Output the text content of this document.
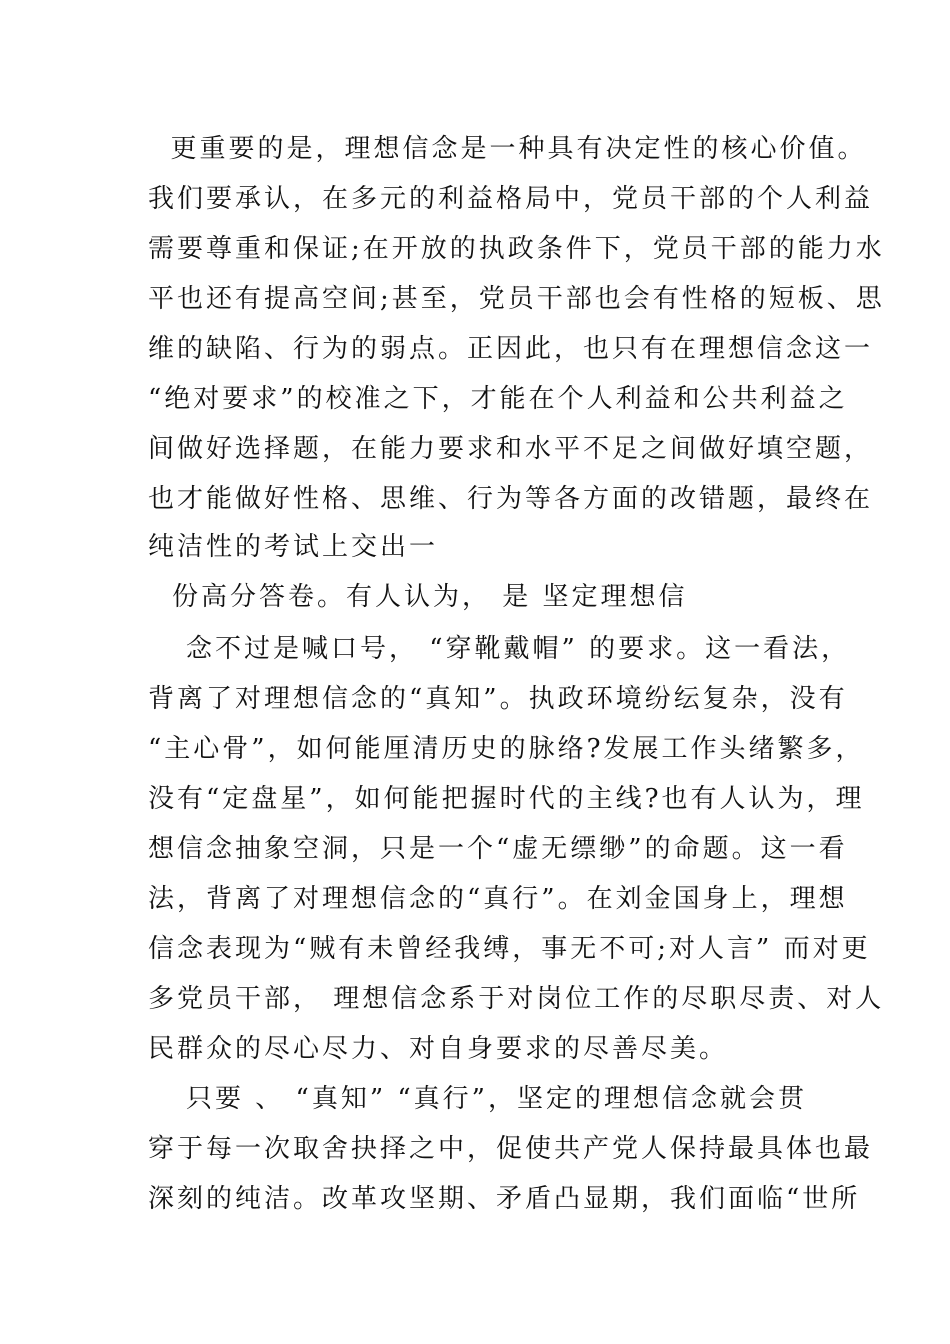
更重要的是，理想信念是一种具有决定性的核心价值。
我们要承认，在多元的利益格局中，党员干部的个人利益
需要尊重和保证;在开放的执政条件下，党员干部的能力水
平也还有提高空间;甚至，党员干部也会有性格的短板、思
维的缺陷、行为的弱点。正因此，也只有在理想信念这一
“绝对要求”的校准之下，才能在个人利益和公共利益之
间做好选择题，在能力要求和水平不足之间做好填空题，
也才能做好性格、思维、行为等各方面的改错题，最终在
纯洁性的考试上交出一
份高分答卷。有人认为， 是 坚定理想信
念不过是喊口号， “穿靴戴帽” 的要求。这一看法，
背离了对理想信念的“真知”。执政环境纷纭复杂，没有
“主心骨”，如何能厘清历史的脉络?发展工作头绪繁多，
没有“定盘星”，如何能把握时代的主线?也有人认为，理
想信念抽象空洞，只是一个“虚无缥缈”的命题。这一看
法，背离了对理想信念的“真行”。在刘金国身上，理想
信念表现为“贼有未曾经我缚，事无不可;对人言” 而对更
多党员干部， 理想信念系于对岗位工作的尽职尽责、对人
民群众的尽心尽力、对自身要求的尽善尽美。
只要 、 “真知” “真行”，坚定的理想信念就会贯
穿于每一次取舍抉择之中，促使共产党人保持最具体也最
深刻的纯洁。改革攻坚期、矛盾凸显期，我们面临“世所
